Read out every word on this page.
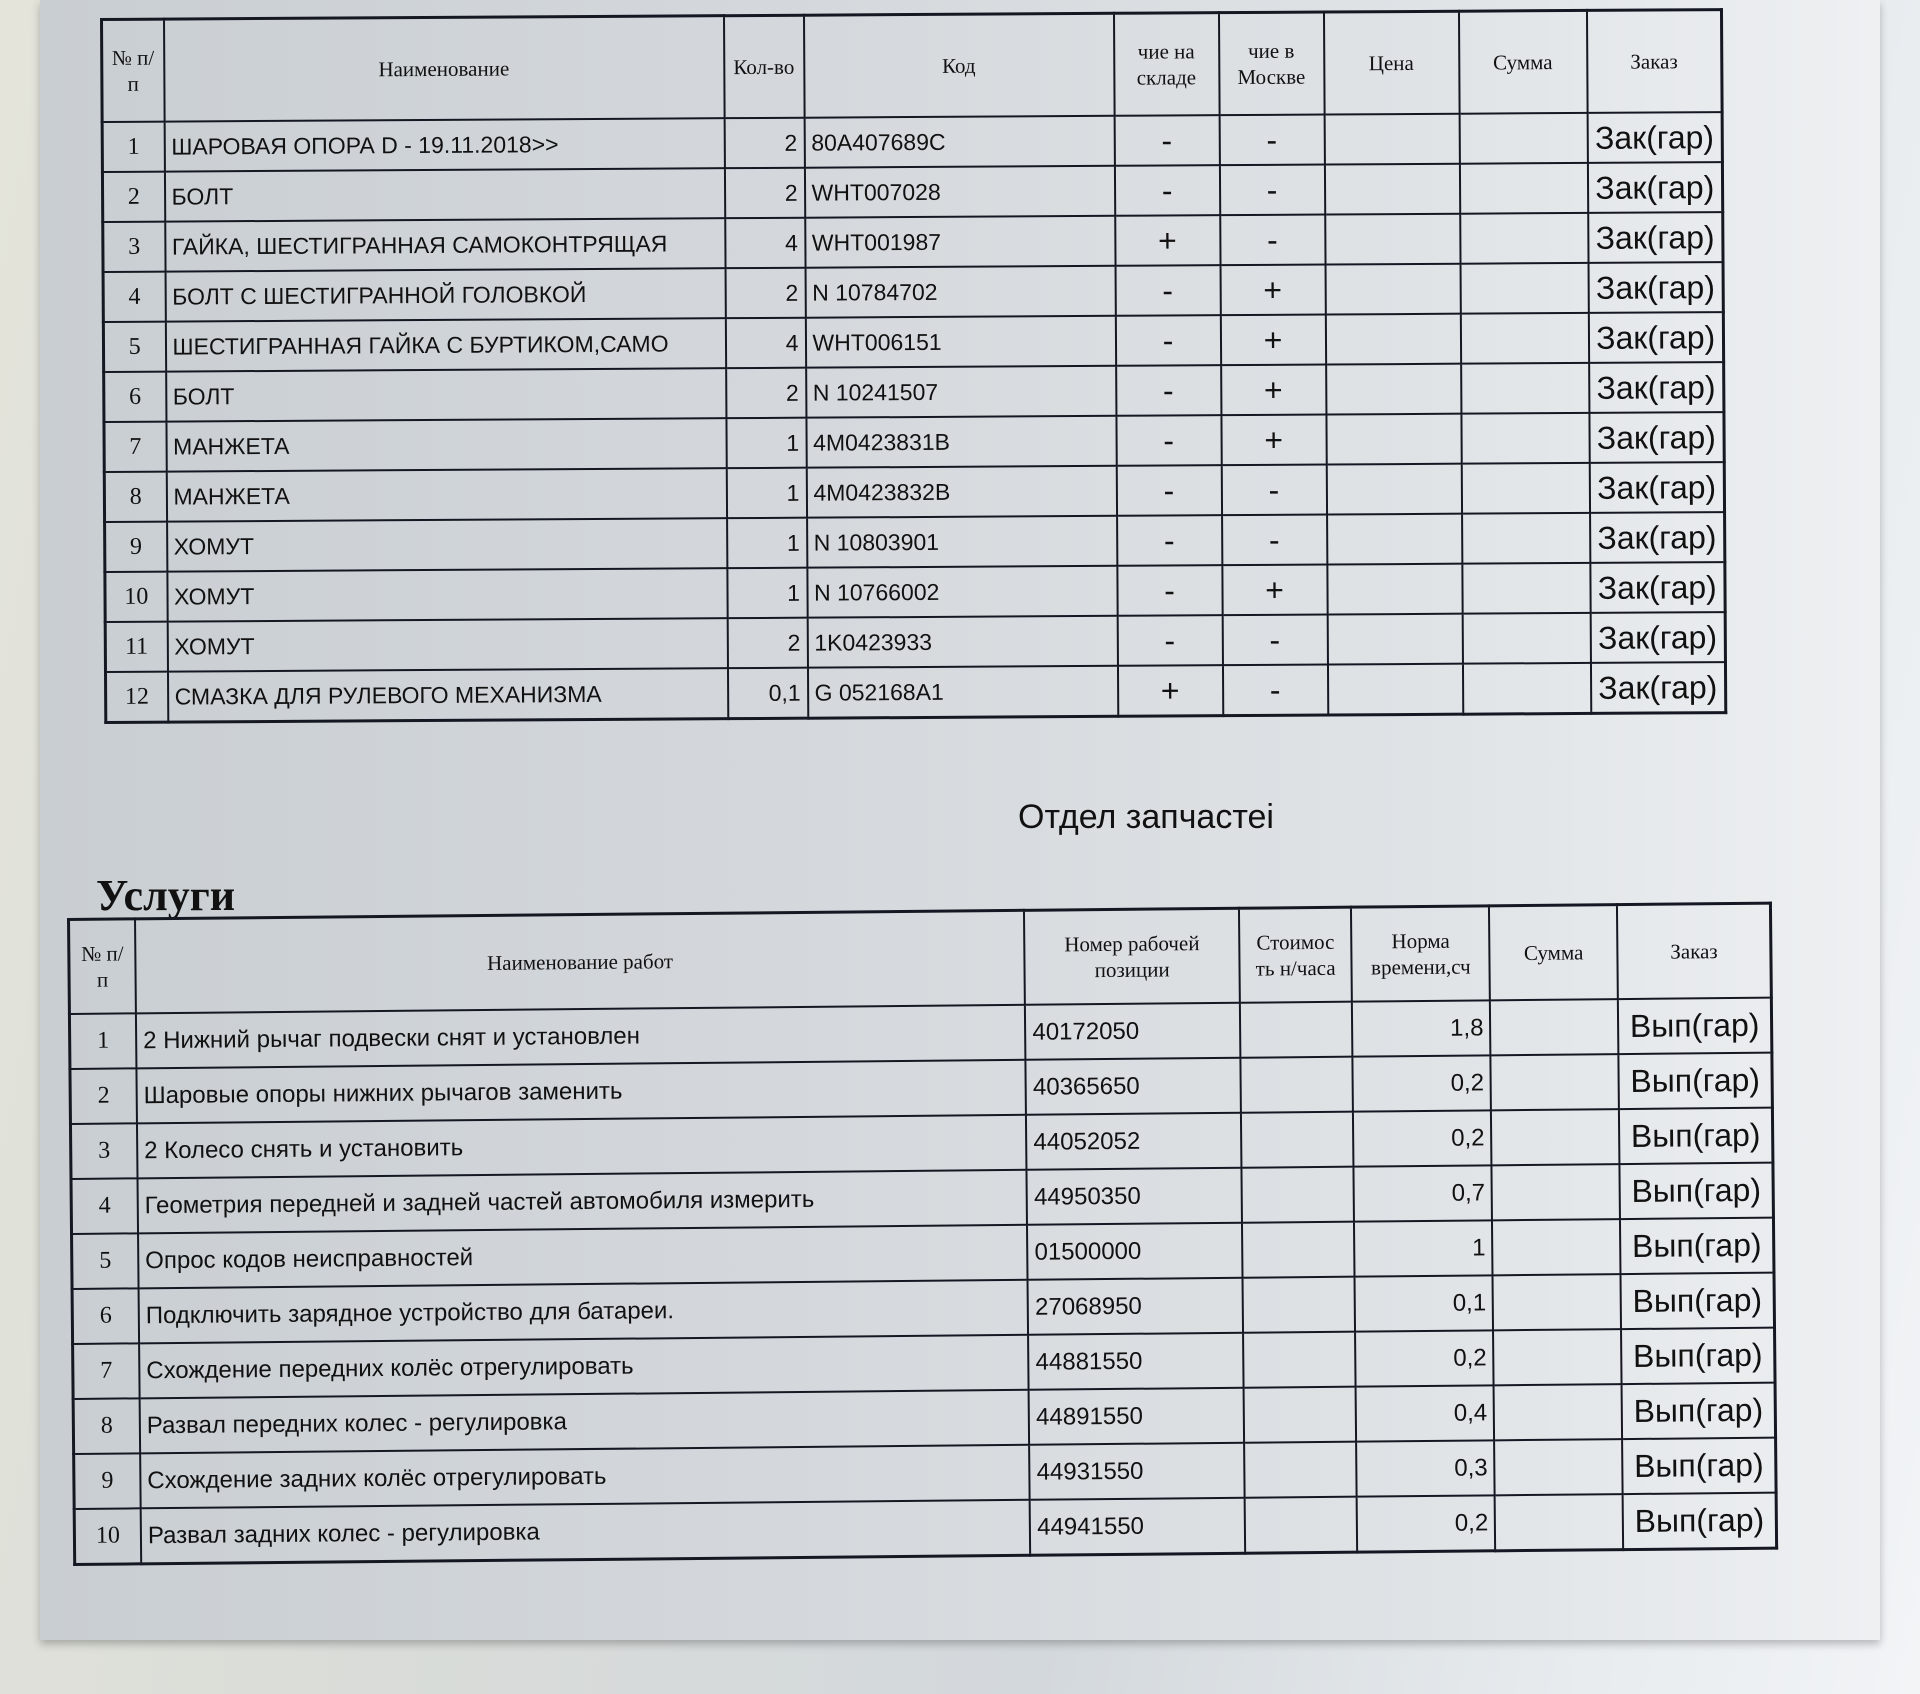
№ п/п	Наименование	Кол-во	Код	чие на складе	чие в Москве	Цена	Сумма	Заказ
1	ШАРОВАЯ ОПОРА D - 19.11.2018>>	2	80A407689C	-	-			Зак(гар)
2	БОЛТ	2	WHT007028	-	-			Зак(гар)
3	ГАЙКА, ШЕСТИГРАННАЯ САМОКОНТРЯЩАЯ	4	WHT001987	+	-			Зак(гар)
4	БОЛТ С ШЕСТИГРАННОЙ ГОЛОВКОЙ	2	N 10784702	-	+			Зак(гар)
5	ШЕСТИГРАННАЯ ГАЙКА С БУРТИКОМ,САМО	4	WHT006151	-	+			Зак(гар)
6	БОЛТ	2	N 10241507	-	+			Зак(гар)
7	МАНЖЕТА	1	4M0423831B	-	+			Зак(гар)
8	МАНЖЕТА	1	4M0423832B	-	-			Зак(гар)
9	ХОМУТ	1	N 10803901	-	-			Зак(гар)
10	ХОМУТ	1	N 10766002	-	+			Зак(гар)
11	ХОМУТ	2	1K0423933	-	-			Зак(гар)
12	СМАЗКА ДЛЯ РУЛЕВОГО МЕХАНИЗМА	0,1	G 052168A1	+	-			Зак(гар)
Отдел запчастеi
Услуги
№ п/п	Наименование работ	Номер рабочей позиции	Стоимос ть н/часа	Норма времени,сч	Сумма	Заказ
1	2 Нижний рычаг подвески снят и установлен	40172050		1,8		Вып(гар)
2	Шаровые опоры нижних рычагов заменить	40365650		0,2		Вып(гар)
3	2 Колесо снять и установить	44052052		0,2		Вып(гар)
4	Геометрия передней и задней частей автомобиля измерить	44950350		0,7		Вып(гар)
5	Опрос кодов неисправностей	01500000		1		Вып(гар)
6	Подключить зарядное устройство для батареи.	27068950		0,1		Вып(гар)
7	Схождение передних колёс отрегулировать	44881550		0,2		Вып(гар)
8	Развал передних колес - регулировка	44891550		0,4		Вып(гар)
9	Схождение задних колёс отрегулировать	44931550		0,3		Вып(гар)
10	Развал задних колес - регулировка	44941550		0,2		Вып(гар)
